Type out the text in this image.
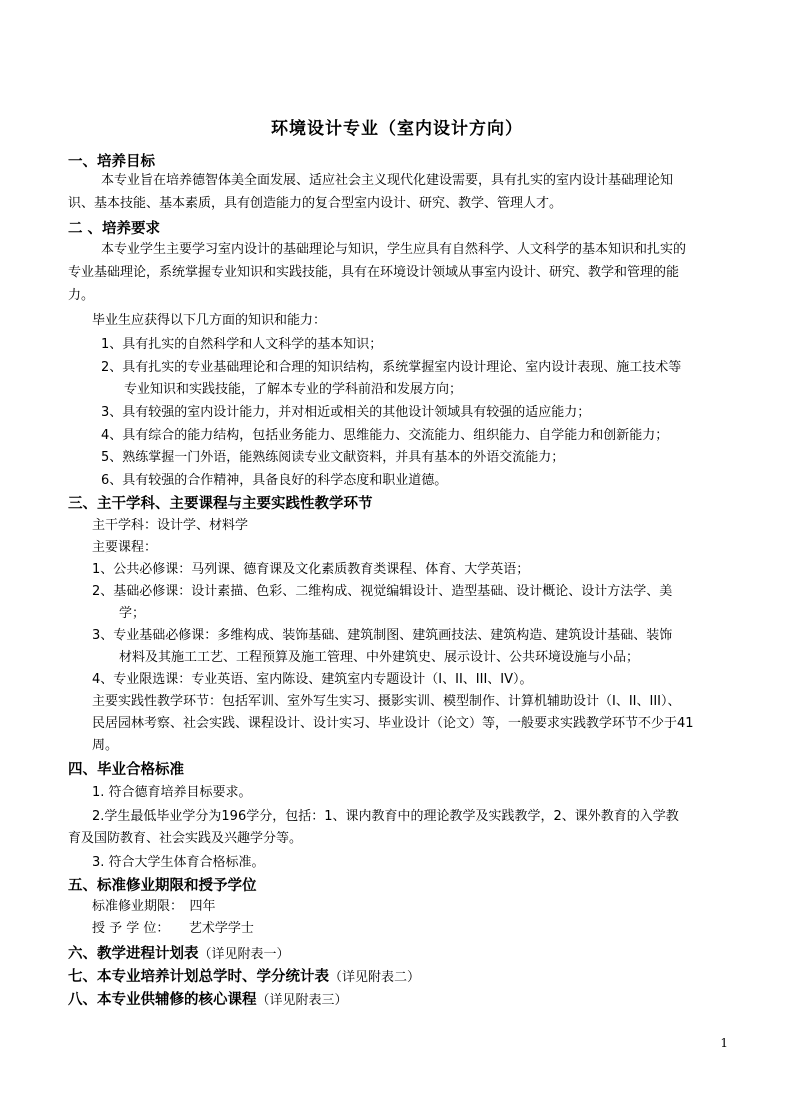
环境设计专业（室内设计方向）
一、培养目标
本专业旨在培养德智体美全面发展、适应社会主义现代化建设需要，具有扎实的室内设计基础理论知
识、基本技能、基本素质，具有创造能力的复合型室内设计、研究、教学、管理人才。
二 、培养要求
本专业学生主要学习室内设计的基础理论与知识，学生应具有自然科学、人文科学的基本知识和扎实的
专业基础理论，系统掌握专业知识和实践技能，具有在环境设计领域从事室内设计、研究、教学和管理的能
力。
毕业生应获得以下几方面的知识和能力：
1、具有扎实的自然科学和人文科学的基本知识；
2、具有扎实的专业基础理论和合理的知识结构，系统掌握室内设计理论、室内设计表现、施工技术等
专业知识和实践技能，了解本专业的学科前沿和发展方向；
3、具有较强的室内设计能力，并对相近或相关的其他设计领域具有较强的适应能力；
4、具有综合的能力结构，包括业务能力、思维能力、交流能力、组织能力、自学能力和创新能力；
5、熟练掌握一门外语，能熟练阅读专业文献资料，并具有基本的外语交流能力；
6、具有较强的合作精神，具备良好的科学态度和职业道德。
三、主干学科、主要课程与主要实践性教学环节
主干学科：设计学、材料学
主要课程：
1、公共必修课：马列课、德育课及文化素质教育类课程、体育、大学英语；
2、基础必修课：设计素描、色彩、二维构成、视觉编辑设计、造型基础、设计概论、设计方法学、美
学；
3、专业基础必修课：多维构成、装饰基础、建筑制图、建筑画技法、建筑构造、建筑设计基础、装饰
材料及其施工工艺、工程预算及施工管理、中外建筑史、展示设计、公共环境设施与小品；
4、专业限选课：专业英语、室内陈设、建筑室内专题设计（I、II、III、IV）。
主要实践性教学环节：包括军训、室外写生实习、摄影实训、模型制作、计算机辅助设计（I、II、III）、
民居园林考察、社会实践、课程设计、设计实习、毕业设计（论文）等，一般要求实践教学环节不少于41
周。
四、毕业合格标准
1. 符合德育培养目标要求。
2.学生最低毕业学分为196学分，包括：1、课内教育中的理论教学及实践教学，2、课外教育的入学教
育及国防教育、社会实践及兴趣学分等。
3. 符合大学生体育合格标准。
五、标准修业期限和授予学位
标准修业期限：　四年
授 予 学 位：　　艺术学学士
六、教学进程计划表（详见附表一）
七、本专业培养计划总学时、学分统计表（详见附表二）
八、本专业供辅修的核心课程（详见附表三）
1
